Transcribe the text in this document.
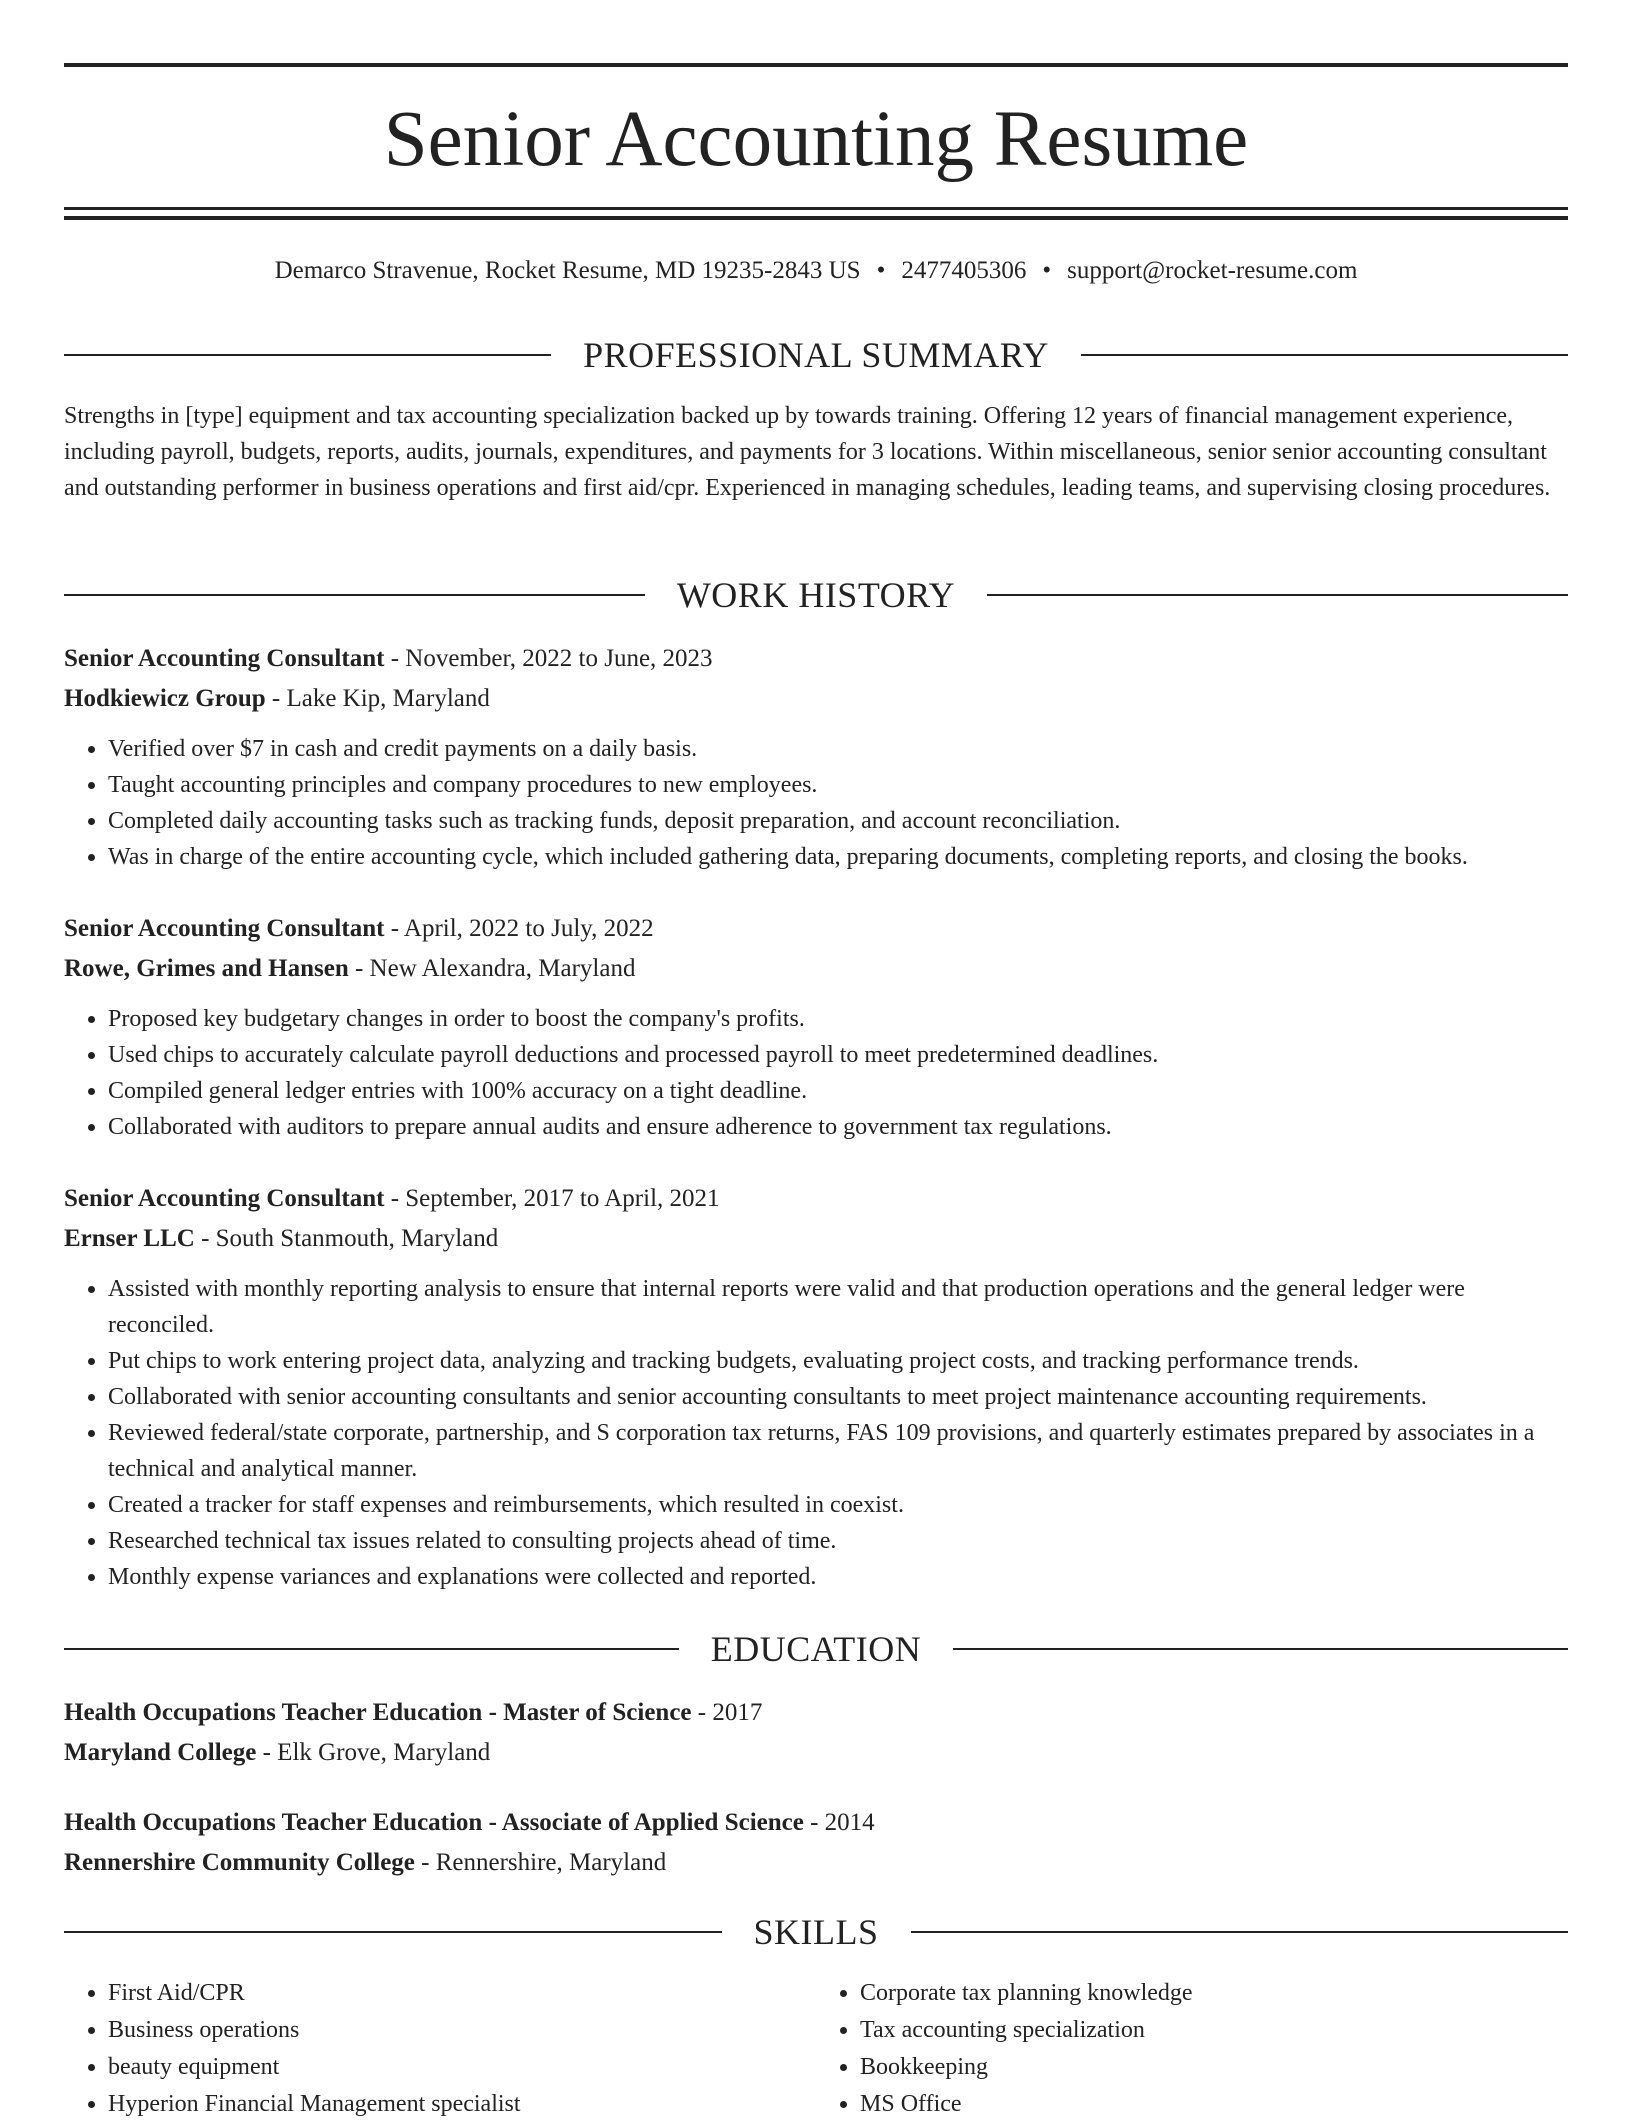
Senior Accounting Resume
Demarco Stravenue, Rocket Resume, MD 19235-2843 US • 2477405306 • support@rocket-resume.com
PROFESSIONAL SUMMARY
Strengths in [type] equipment and tax accounting specialization backed up by towards training. Offering 12 years of financial management experience, including payroll, budgets, reports, audits, journals, expenditures, and payments for 3 locations. Within miscellaneous, senior senior accounting consultant and outstanding performer in business operations and first aid/cpr. Experienced in managing schedules, leading teams, and supervising closing procedures.
WORK HISTORY

Senior Accounting Consultant - November, 2022 to June, 2023

Hodkiewicz Group - Lake Kip, Maryland

• Verified over $7 in cash and credit payments on a daily basis.
• Taught accounting principles and company procedures to new employees.
• Completed daily accounting tasks such as tracking funds, deposit preparation, and account reconciliation.
• Was in charge of the entire accounting cycle, which included gathering data, preparing documents, completing reports, and closing the books.

Senior Accounting Consultant - April, 2022 to July, 2022

Rowe, Grimes and Hansen - New Alexandra, Maryland

• Proposed key budgetary changes in order to boost the company's profits.
• Used chips to accurately calculate payroll deductions and processed payroll to meet predetermined deadlines.
• Compiled general ledger entries with 100% accuracy on a tight deadline.
• Collaborated with auditors to prepare annual audits and ensure adherence to government tax regulations.

Senior Accounting Consultant - September, 2017 to April, 2021

Ernser LLC - South Stanmouth, Maryland

• Assisted with monthly reporting analysis to ensure that internal reports were valid and that production operations and the general ledger were reconciled.
• Put chips to work entering project data, analyzing and tracking budgets, evaluating project costs, and tracking performance trends.
• Collaborated with senior accounting consultants and senior accounting consultants to meet project maintenance accounting requirements.
• Reviewed federal/state corporate, partnership, and S corporation tax returns, FAS 109 provisions, and quarterly estimates prepared by associates in a technical and analytical manner.
• Created a tracker for staff expenses and reimbursements, which resulted in coexist.
• Researched technical tax issues related to consulting projects ahead of time.
• Monthly expense variances and explanations were collected and reported.
EDUCATION

Health Occupations Teacher Education - Master of Science - 2017

Maryland College - Elk Grove, Maryland

Health Occupations Teacher Education - Associate of Applied Science - 2014

Rennershire Community College - Rennershire, Maryland

SKILLS
• First Aid/CPR
• Business operations
• beauty equipment
• Hyperion Financial Management specialist
• Corporate tax planning knowledge
• Tax accounting specialization
• Bookkeeping
• MS Office
